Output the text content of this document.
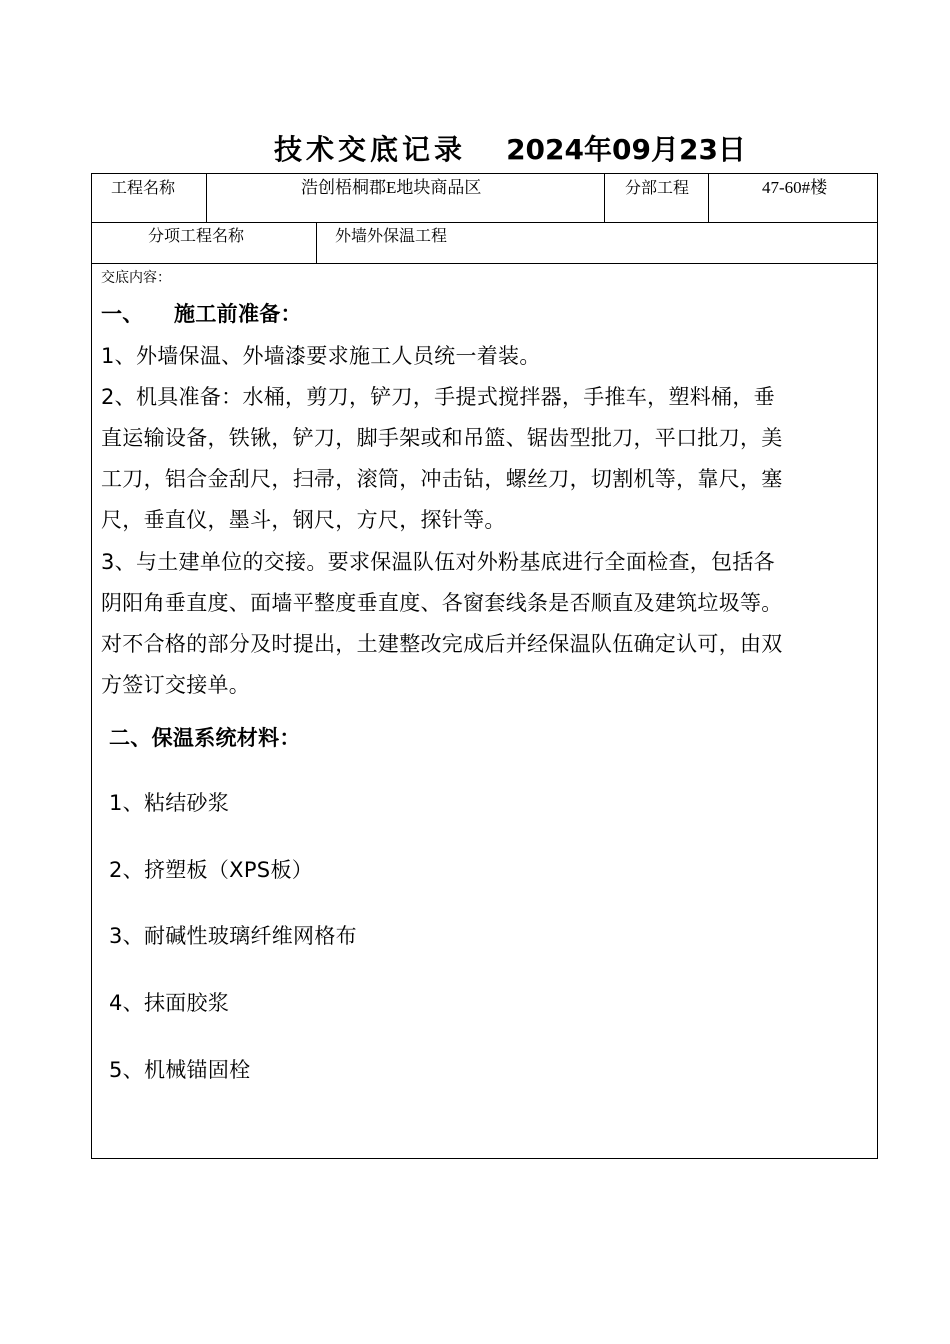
技术交底记录 2024年09月23日
工程名称	浩创梧桐郡E地块商品区	分部工程	47-60#楼
分项工程名称	外墙外保温工程
交底内容：
一、    施工前准备：
1、外墙保温、外墙漆要求施工人员统一着装。
2、机具准备：水桶，剪刀，铲刀，手提式搅拌器，手推车，塑料桶，垂
直运输设备，铁锹，铲刀，脚手架或和吊篮、锯齿型批刀，平口批刀，美
工刀，铝合金刮尺，扫帚，滚筒，冲击钻，螺丝刀，切割机等，靠尺，塞
尺，垂直仪，墨斗，钢尺，方尺，探针等。
3、与土建单位的交接。要求保温队伍对外粉基底进行全面检查，包括各
阴阳角垂直度、面墙平整度垂直度、各窗套线条是否顺直及建筑垃圾等。
对不合格的部分及时提出，土建整改完成后并经保温队伍确定认可，由双
方签订交接单。
二、保温系统材料：
1、粘结砂浆
2、挤塑板（XPS板）
3、耐碱性玻璃纤维网格布
4、抹面胶浆
5、机械锚固栓
